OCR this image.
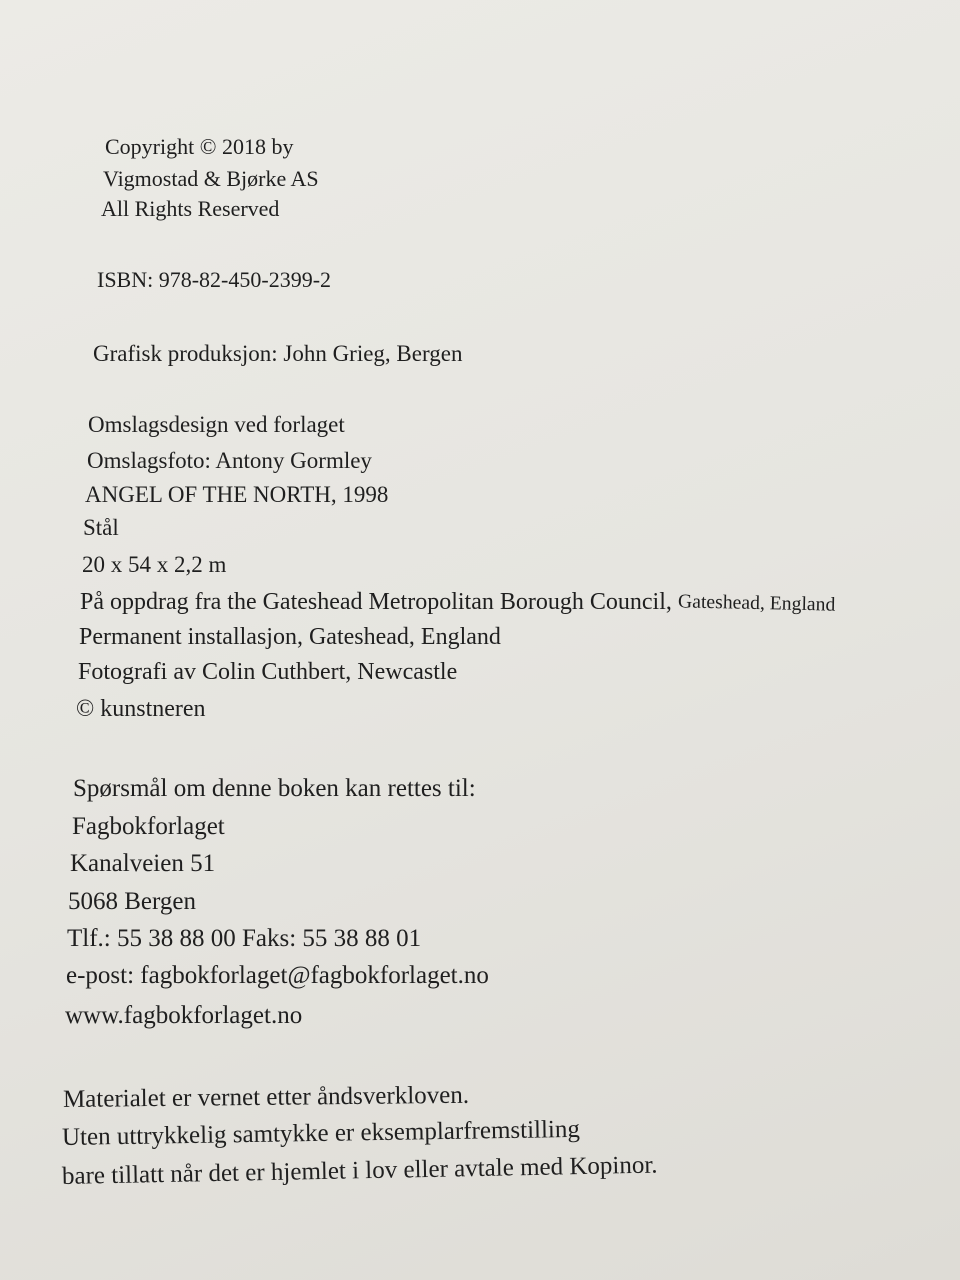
Copyright © 2018 by
Vigmostad & Bjørke AS
All Rights Reserved
ISBN: 978-82-450-2399-2
Grafisk produksjon: John Grieg, Bergen
Omslagsdesign ved forlaget
Omslagsfoto: Antony Gormley
ANGEL OF THE NORTH, 1998
Stål
20 x 54 x 2,2 m
På oppdrag fra the Gateshead Metropolitan Borough Council, Gateshead, England
Permanent installasjon, Gateshead, England
Fotografi av Colin Cuthbert, Newcastle
© kunstneren
Spørsmål om denne boken kan rettes til:
Fagbokforlaget
Kanalveien 51
5068 Bergen
Tlf.: 55 38 88 00 Faks: 55 38 88 01
e-post: fagbokforlaget@fagbokforlaget.no
www.fagbokforlaget.no
Materialet er vernet etter åndsverkloven.
Uten uttrykkelig samtykke er eksemplarfremstilling
bare tillatt når det er hjemlet i lov eller avtale med Kopinor.
